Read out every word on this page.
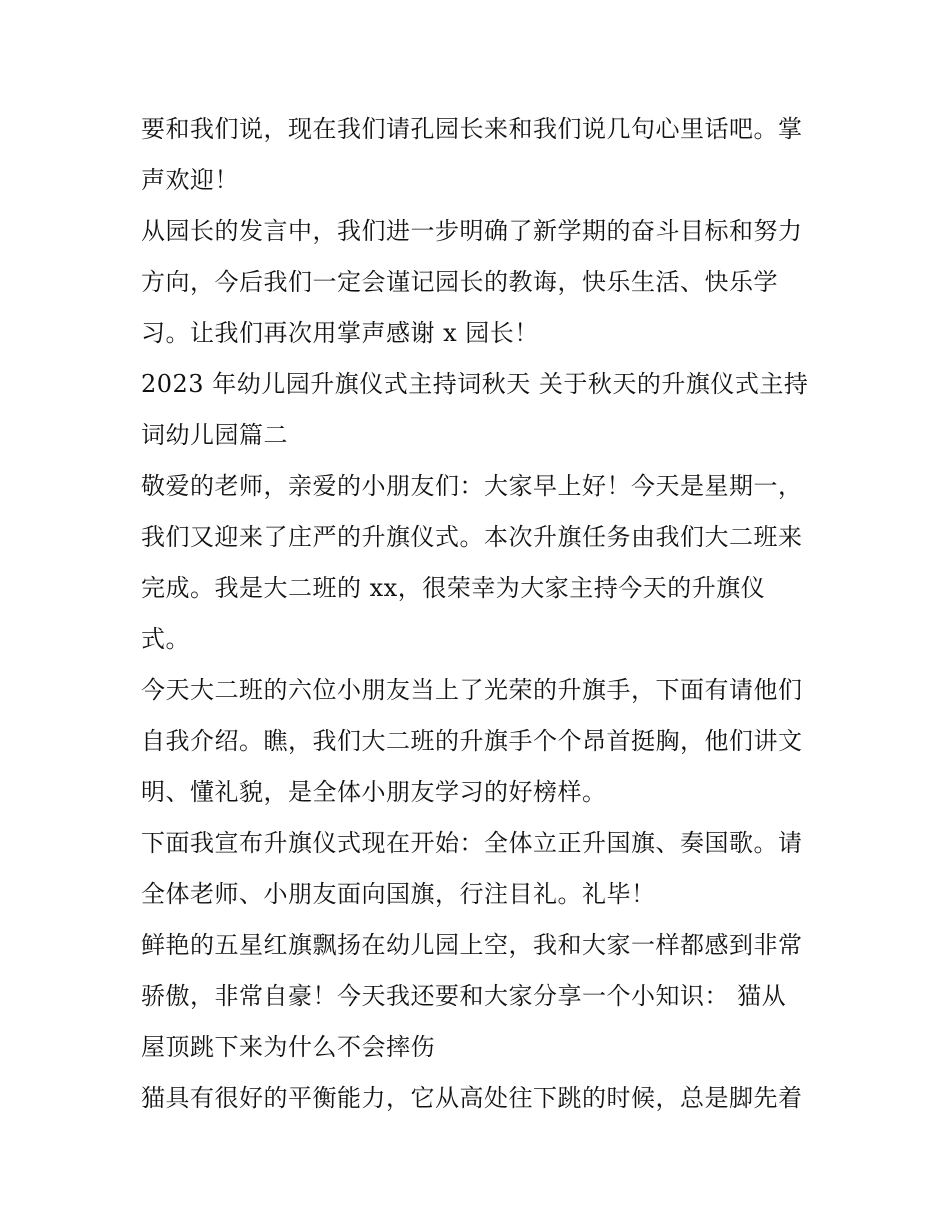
要和我们说，现在我们请孔园长来和我们说几句心里话吧。掌
声欢迎！

从园长的发言中，我们进一步明确了新学期的奋斗目标和努力
方向，今后我们一定会谨记园长的教诲，快乐生活、快乐学
习。让我们再次用掌声感谢 x 园长！

2023 年幼儿园升旗仪式主持词秋天 关于秋天的升旗仪式主持
词幼儿园篇二

敬爱的老师，亲爱的小朋友们：大家早上好！今天是星期一，
我们又迎来了庄严的升旗仪式。本次升旗任务由我们大二班来
完成。我是大二班的 xx，很荣幸为大家主持今天的升旗仪
式。

今天大二班的六位小朋友当上了光荣的升旗手，下面有请他们
自我介绍。瞧，我们大二班的升旗手个个昂首挺胸，他们讲文
明、懂礼貌，是全体小朋友学习的好榜样。

下面我宣布升旗仪式现在开始：全体立正升国旗、奏国歌。请
全体老师、小朋友面向国旗，行注目礼。礼毕！

鲜艳的五星红旗飘扬在幼儿园上空，我和大家一样都感到非常
骄傲，非常自豪！今天我还要和大家分享一个小知识： 猫从
屋顶跳下来为什么不会摔伤

猫具有很好的平衡能力，它从高处往下跳的时候，总是脚先着
